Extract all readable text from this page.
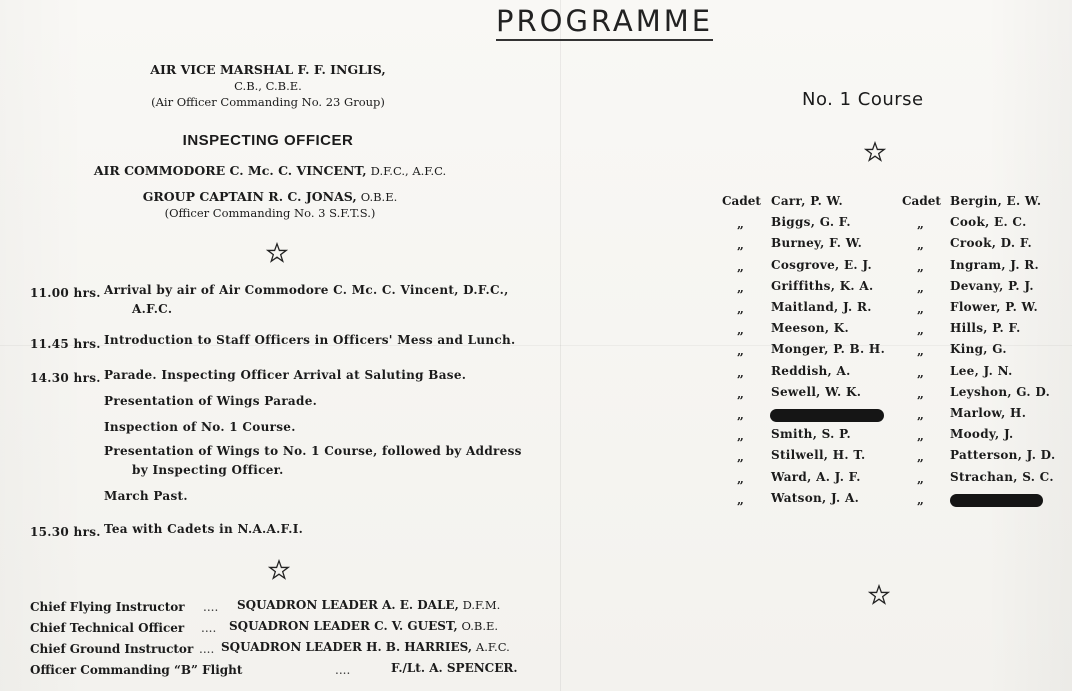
PROGRAMME
AIR VICE MARSHAL F. F. INGLIS,
C.B., C.B.E.
(Air Officer Commanding No. 23 Group)
INSPECTING OFFICER
AIR COMMODORE C. Mc. C. VINCENT, D.F.C., A.F.C.
GROUP CAPTAIN R. C. JONAS, O.B.E.
(Officer Commanding No. 3 S.F.T.S.)
11.00 hrs. Arrival by air of Air Commodore C. Mc. C. Vincent, D.F.C.,
A.F.C.
11.45 hrs. Introduction to Staff Officers in Officers' Mess and Lunch.
14.30 hrs. Parade. Inspecting Officer Arrival at Saluting Base.
Presentation of Wings Parade.
Inspection of No. 1 Course.
Presentation of Wings to No. 1 Course, followed by Address
by Inspecting Officer.
March Past.
15.30 hrs. Tea with Cadets in N.A.A.F.I.
Chief Flying Instructor .... SQUADRON LEADER A. E. DALE, D.F.M.
Chief Technical Officer .... SQUADRON LEADER C. V. GUEST, O.B.E.
Chief Ground Instructor .... SQUADRON LEADER H. B. HARRIES, A.F.C.
Officer Commanding “B” Flight	....	F./Lt. A. SPENCER.
No. 1 Course
Cadet Carr, P. W.
„ Biggs, G. F.
„ Burney, F. W.
„ Cosgrove, E. J.
„ Griffiths, K. A.
„ Maitland, J. R.
„ Meeson, K.
„ Monger, P. B. H.
„ Reddish, A.
„ Sewell, W. K.
„
„ Smith, S. P.
„ Stilwell, H. T.
„ Ward, A. J. F.
„ Watson, J. A.
Cadet Bergin, E. W.
„ Cook, E. C.
„ Crook, D. F.
„ Ingram, J. R.
„ Devany, P. J.
„ Flower, P. W.
„ Hills, P. F.
„ King, G.
„ Lee, J. N.
„ Leyshon, G. D.
„ Marlow, H.
„ Moody, J.
„ Patterson, J. D.
„ Strachan, S. C.
„
